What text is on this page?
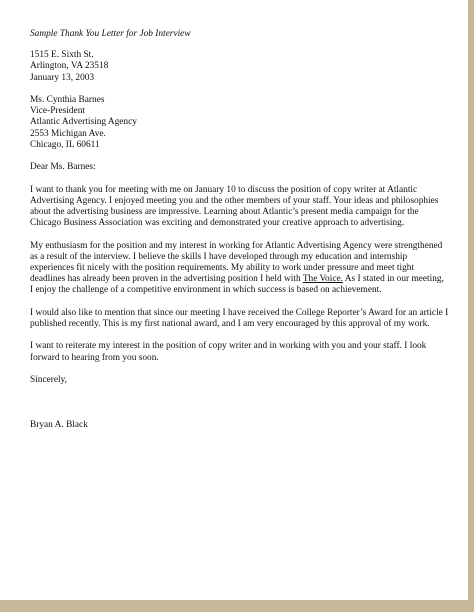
Sample Thank You Letter for Job Interview
1515 E. Sixth St.
Arlington, VA 23518
January 13, 2003
Ms. Cynthia Barnes
Vice-President
Atlantic Advertising Agency
2553 Michigan Ave.
Chicago, IL 60611
Dear Ms. Barnes:
I want to thank you for meeting with me on January 10 to discuss the position of copy writer at Atlantic
Advertising Agency. I enjoyed meeting you and the other members of your staff. Your ideas and philosophies
about the advertising business are impressive. Learning about Atlantic’s present media campaign for the
Chicago Business Association was exciting and demonstrated your creative approach to advertising.
My enthusiasm for the position and my interest in working for Atlantic Advertising Agency were strengthened
as a result of the interview. I believe the skills I have developed through my education and internship
experiences fit nicely with the position requirements. My ability to work under pressure and meet tight
deadlines has already been proven in the advertising position I held with The Voice. As I stated in our meeting,
I enjoy the challenge of a competitive environment in which success is based on achievement.
I would also like to mention that since our meeting I have received the College Reporter’s Award for an article I
published recently. This is my first national award, and I am very encouraged by this approval of my work.
I want to reiterate my interest in the position of copy writer and in working with you and your staff. I look
forward to hearing from you soon.
Sincerely,
Bryan A. Black
